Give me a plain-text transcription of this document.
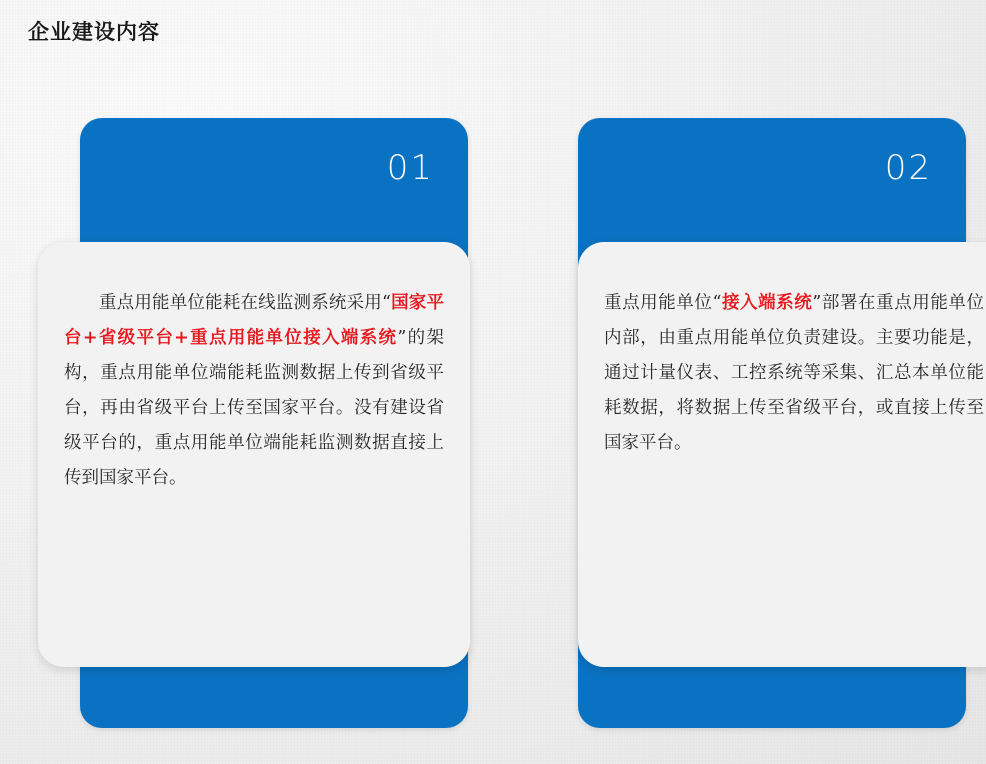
企业建设内容
01

重点用能单位能耗在线监测系统采用“国家平台+省级平台+重点用能单位接入端系统”的架构，重点用能单位端能耗监测数据上传到省级平台，再由省级平台上传至国家平台。没有建设省级平台的，重点用能单位端能耗监测数据直接上传到国家平台。

02

重点用能单位“接入端系统”部署在重点用能单位内部，由重点用能单位负责建设。主要功能是，通过计量仪表、工控系统等采集、汇总本单位能耗数据，将数据上传至省级平台，或直接上传至国家平台。
